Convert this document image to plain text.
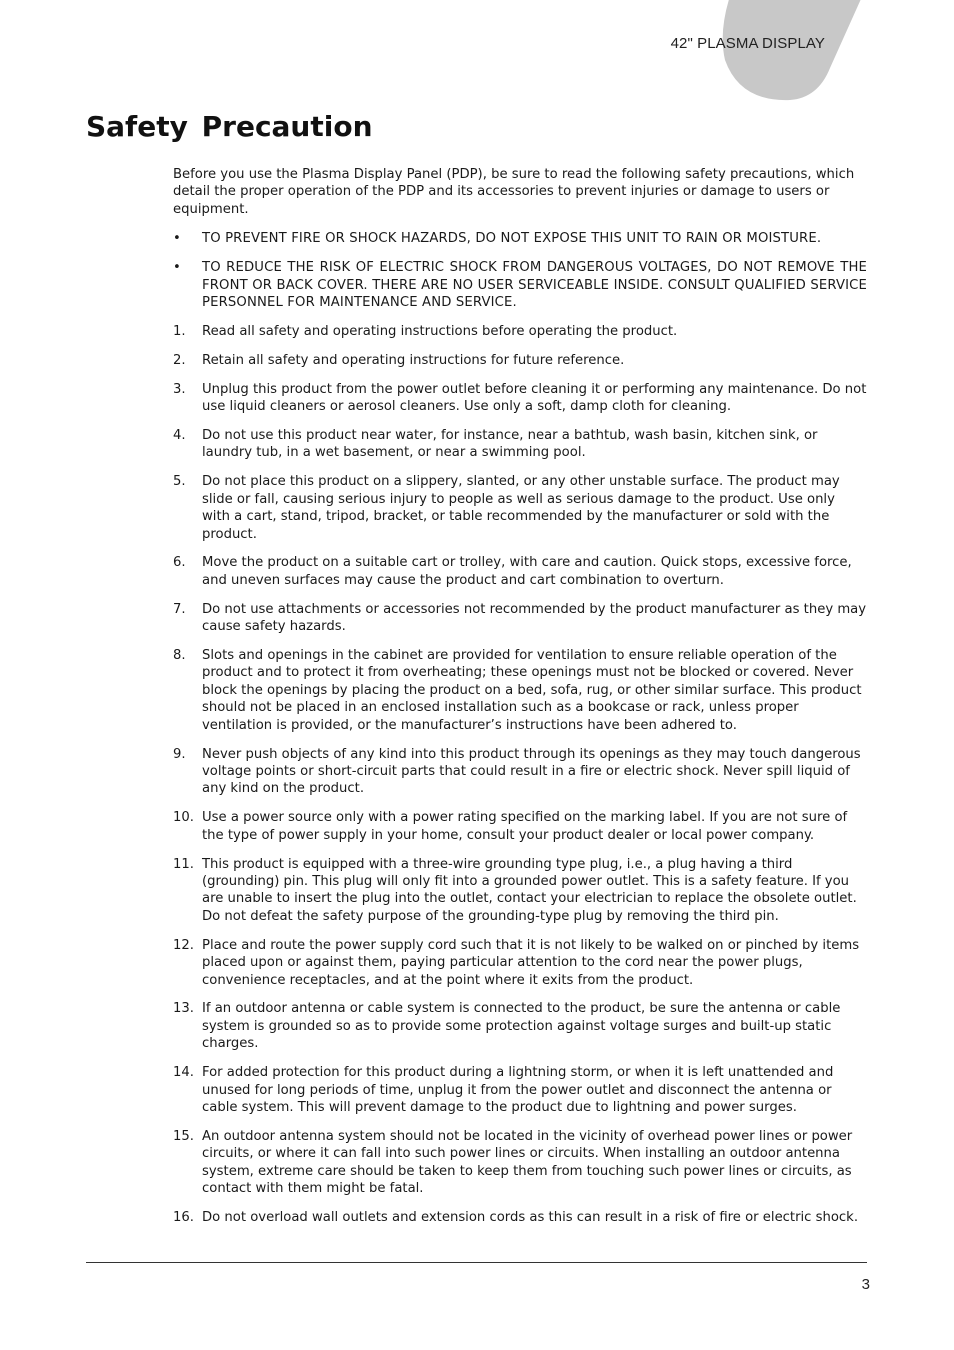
42" PLASMA DISPLAY
Safety Precaution

Before you use the Plasma Display Panel (PDP), be sure to read the following safety precautions, which detail the proper operation of the PDP and its accessories to prevent injuries or damage to users or equipment.

• TO PREVENT FIRE OR SHOCK HAZARDS, DO NOT EXPOSE THIS UNIT TO RAIN OR MOISTURE.
• TO REDUCE THE RISK OF ELECTRIC SHOCK FROM DANGEROUS VOLTAGES, DO NOT REMOVE THE FRONT OR BACK COVER. THERE ARE NO USER SERVICEABLE INSIDE. CONSULT QUALIFIED SERVICE PERSONNEL FOR MAINTENANCE AND SERVICE.
1. Read all safety and operating instructions before operating the product.
2. Retain all safety and operating instructions for future reference.
3. Unplug this product from the power outlet before cleaning it or performing any maintenance. Do not use liquid cleaners or aerosol cleaners. Use only a soft, damp cloth for cleaning.
4. Do not use this product near water, for instance, near a bathtub, wash basin, kitchen sink, or laundry tub, in a wet basement, or near a swimming pool.
5. Do not place this product on a slippery, slanted, or any other unstable surface. The product may slide or fall, causing serious injury to people as well as serious damage to the product. Use only with a cart, stand, tripod, bracket, or table recommended by the manufacturer or sold with the product.
6. Move the product on a suitable cart or trolley, with care and caution. Quick stops, excessive force, and uneven surfaces may cause the product and cart combination to overturn.
7. Do not use attachments or accessories not recommended by the product manufacturer as they may cause safety hazards.
8. Slots and openings in the cabinet are provided for ventilation to ensure reliable operation of the product and to protect it from overheating; these openings must not be blocked or covered. Never block the openings by placing the product on a bed, sofa, rug, or other similar surface. This product should not be placed in an enclosed installation such as a bookcase or rack, unless proper ventilation is provided, or the manufacturer’s instructions have been adhered to.
9. Never push objects of any kind into this product through its openings as they may touch dangerous voltage points or short-circuit parts that could result in a fire or electric shock. Never spill liquid of any kind on the product.
10. Use a power source only with a power rating specified on the marking label. If you are not sure of the type of power supply in your home, consult your product dealer or local power company.
11. This product is equipped with a three-wire grounding type plug, i.e., a plug having a third (grounding) pin. This plug will only fit into a grounded power outlet. This is a safety feature. If you are unable to insert the plug into the outlet, contact your electrician to replace the obsolete outlet. Do not defeat the safety purpose of the grounding-type plug by removing the third pin.
12. Place and route the power supply cord such that it is not likely to be walked on or pinched by items placed upon or against them, paying particular attention to the cord near the power plugs, convenience receptacles, and at the point where it exits from the product.
13. If an outdoor antenna or cable system is connected to the product, be sure the antenna or cable system is grounded so as to provide some protection against voltage surges and built-up static charges.
14. For added protection for this product during a lightning storm, or when it is left unattended and unused for long periods of time, unplug it from the power outlet and disconnect the antenna or cable system. This will prevent damage to the product due to lightning and power surges.
15. An outdoor antenna system should not be located in the vicinity of overhead power lines or power circuits, or where it can fall into such power lines or circuits. When installing an outdoor antenna system, extreme care should be taken to keep them from touching such power lines or circuits, as contact with them might be fatal.
16. Do not overload wall outlets and extension cords as this can result in a risk of fire or electric shock.
3
